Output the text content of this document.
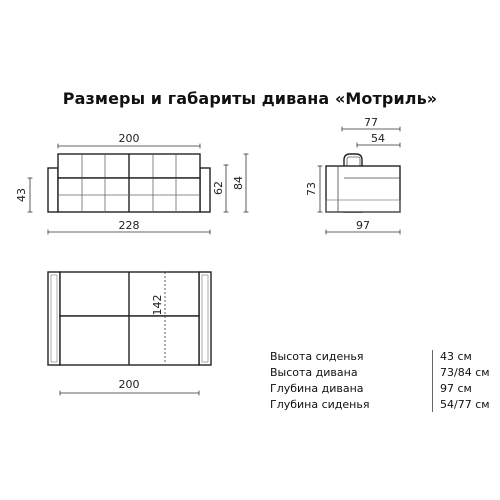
Размеры и габариты дивана «Мотриль»
200
228
43	62 84
77
54
73
97
142
200
Высота сиденья	43 см
Высота дивана	73/84 см
Глубина дивана	97 см
Глубина сиденья	54/77 см
